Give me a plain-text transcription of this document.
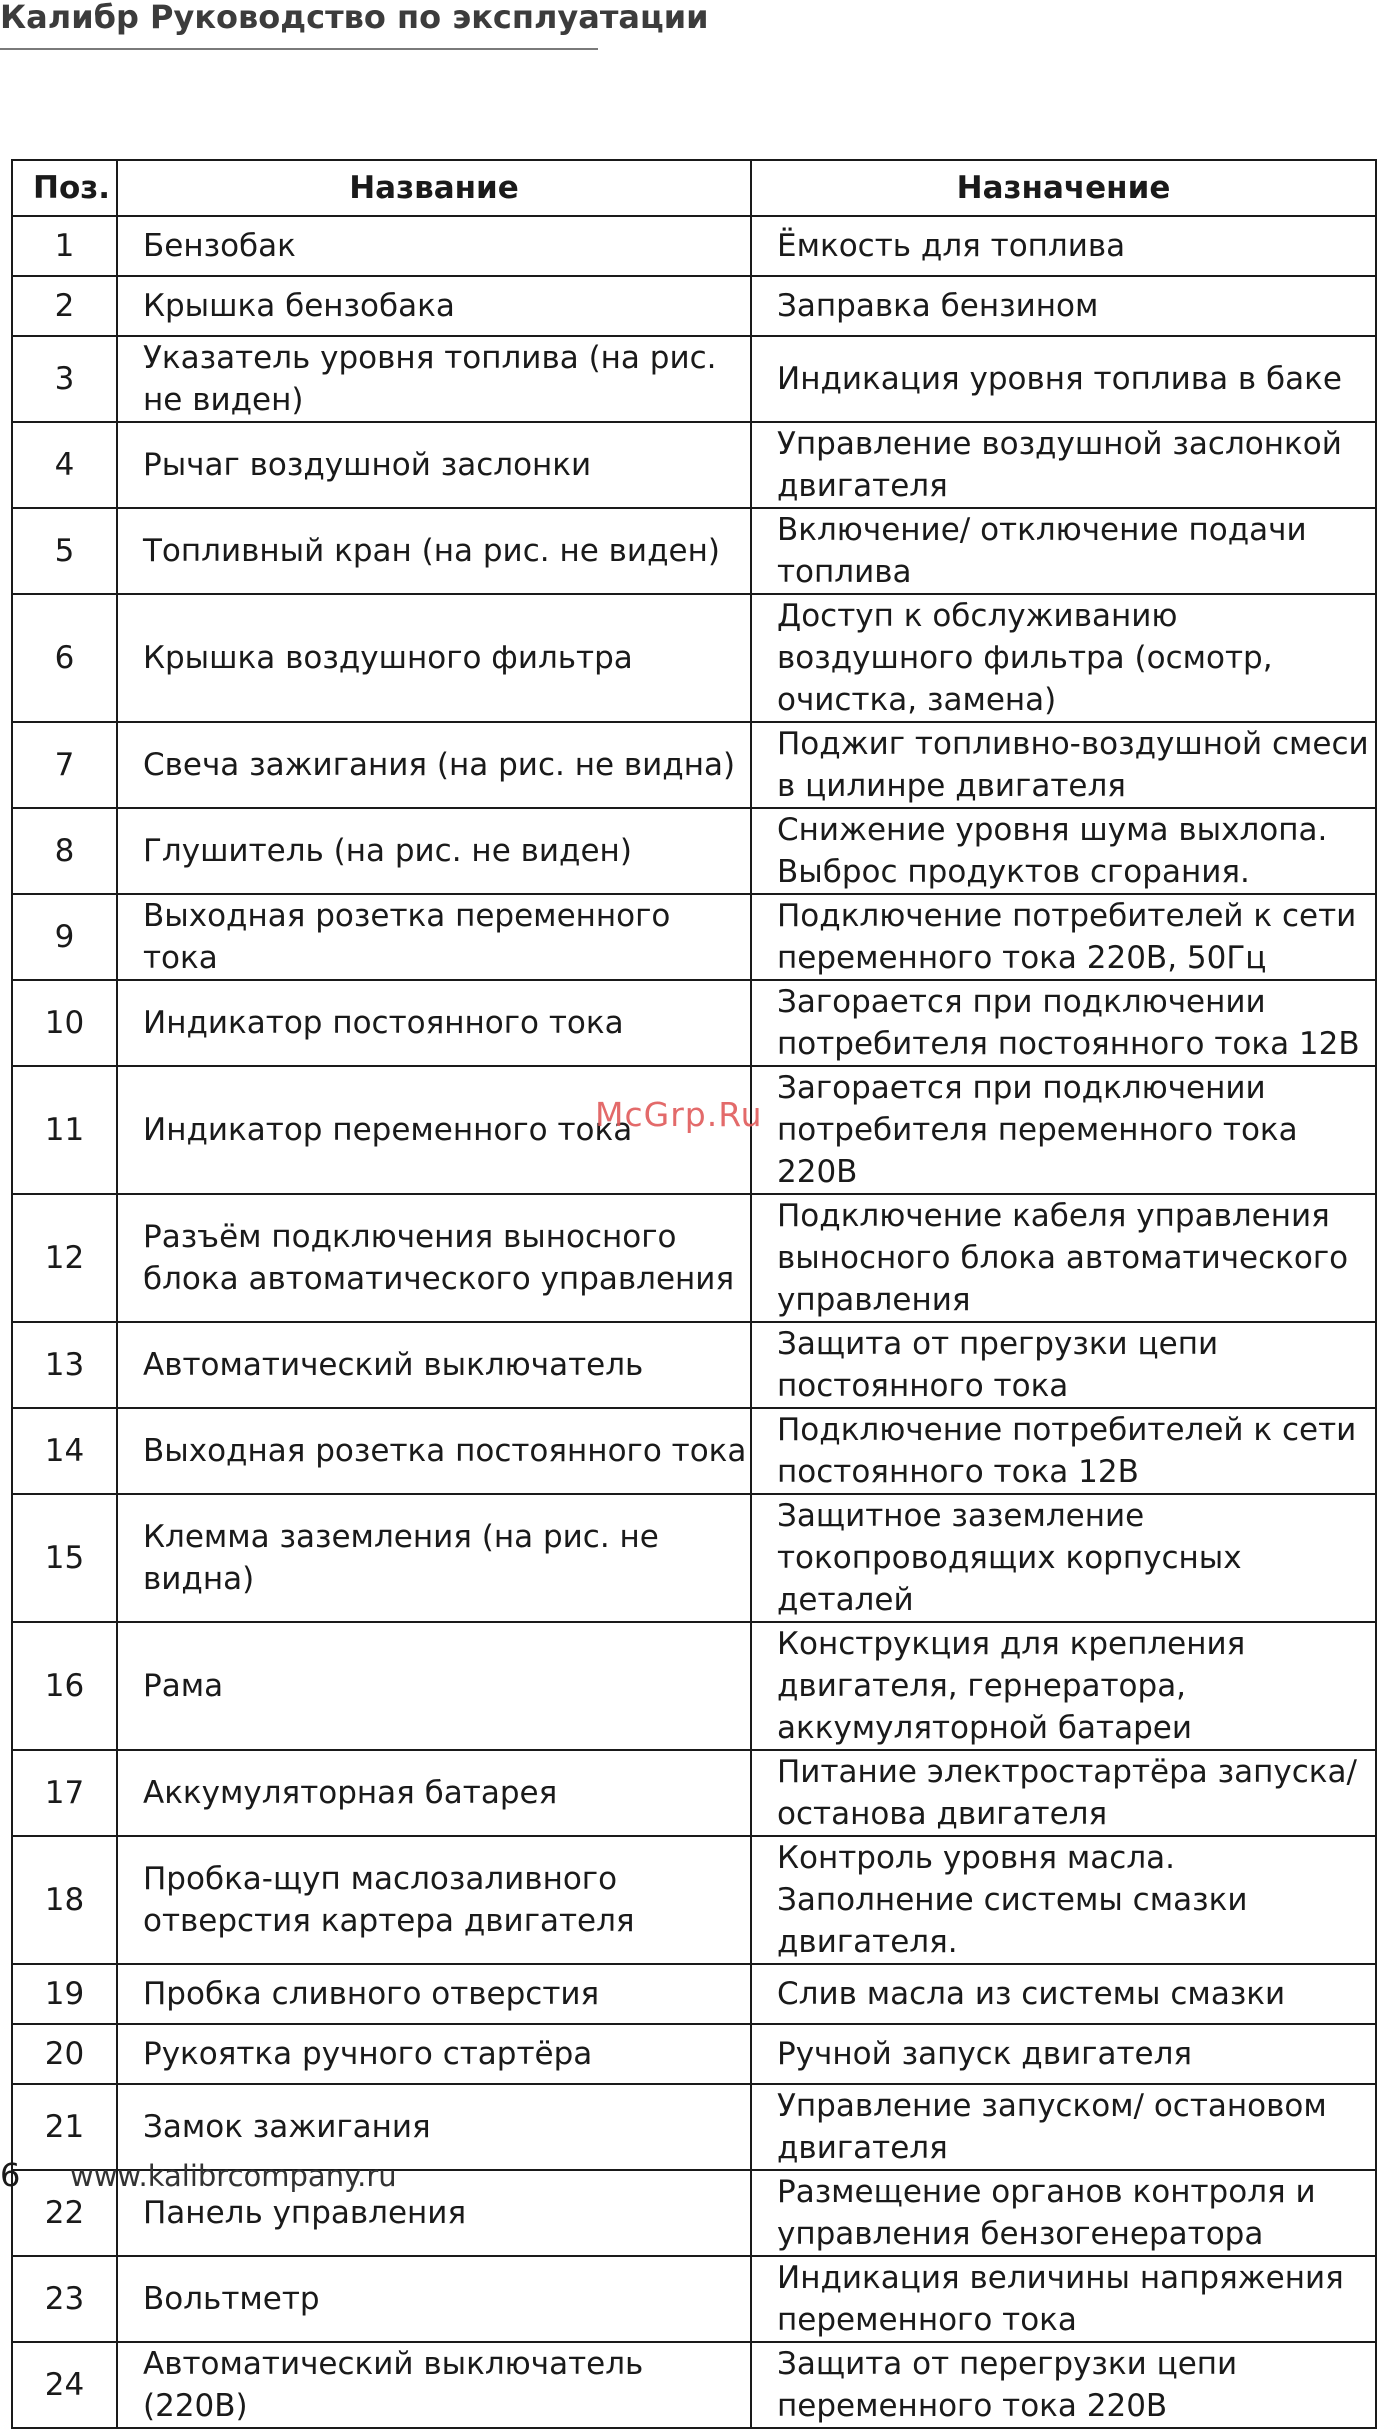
Калибр Руководство по эксплуатации
Поз.	Название	Назначение
1	Бензобак	Ёмкость для топлива
2	Крышка бензобака	Заправка бензином
3	Указатель уровня топлива (на рис. не виден)	Индикация уровня топлива в баке
4	Рычаг воздушной заслонки	Управление воздушной заслонкой двигателя
5	Топливный кран (на рис. не виден)	Включение/ отключение подачи топлива
6	Крышка воздушного фильтра	Доступ к обслуживанию воздушного фильтра (осмотр, очистка, замена)
7	Свеча зажигания (на рис. не видна)	Поджиг топливно-воздушной смеси в цилинре двигателя
8	Глушитель (на рис. не виден)	Снижение уровня шума выхлопа. Выброс продуктов сгорания.
9	Выходная розетка переменного тока	Подключение потребителей к сети переменного тока 220В, 50Гц
10	Индикатор постоянного тока	Загорается при подключении потребителя постоянного тока 12В
11	Индикатор переменного тока	Загорается при подключении потребителя переменного тока 220В
12	Разъём подключения выносного блока автоматического управления	Подключение кабеля управления выносного блока автоматического управления
13	Автоматический выключатель	Защита от прегрузки цепи постоянного тока
14	Выходная розетка постоянного тока	Подключение потребителей к сети постоянного тока 12В
15	Клемма заземления (на рис. не видна)	Защитное заземление токопроводящих корпусных деталей
16	Рама	Конструкция для крепления двигателя, гернератора, аккумуляторной батареи
17	Аккумуляторная батарея	Питание электростартёра запуска/ останова двигателя
18	Пробка-щуп маслозаливного отверстия картера двигателя	Контроль уровня масла. Заполнение системы смазки двигателя.
19	Пробка сливного отверстия	Слив масла из системы смазки
20	Рукоятка ручного стартёра	Ручной запуск двигателя
21	Замок зажигания	Управление запуском/ остановом двигателя
22	Панель управления	Размещение органов контроля и управления бензогенератора
23	Вольтметр	Индикация величины напряжения переменного тока
24	Автоматический выключатель (220В)	Защита от перегрузки цепи переменного тока 220В
McGrp.Ru
6 www.kalibrcompany.ru
